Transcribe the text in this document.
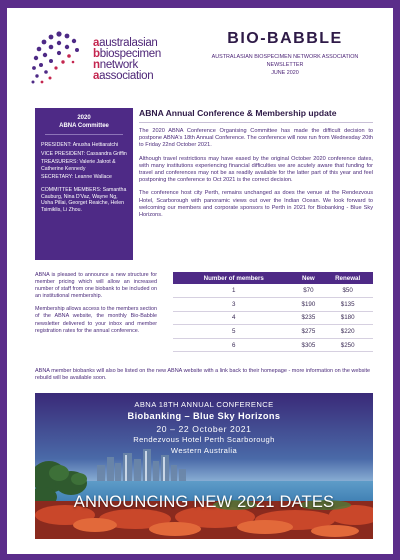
aaustralasian
bbiospecimen
nnetwork
aassociation
BIO-BABBLE
AUSTRALASIAN BIOSPECIMEN NETWORK ASSOCIATION
NEWSLETTER
JUNE 2020
2020
ABNA Committee

PRESIDENT: Anusha Hettiaratchi

VICE PRESIDENT: Cassandra Griffin

TREASURERS: Valerie Jakrot & Catherine Kennedy

SECRETARY: Leanne Wallace

COMMITTEE MEMBERS: Samantha Cauburg, Nina D'Vaz, Wayne Ng, Usha Pillai, Georget Reaiche, Helen Tsimiklis, Li Zhou.

ABNA Annual Conference & Membership update

The 2020 ABNA Conference Organising Committee has made the difficult decision to postpone ABNA's 18th Annual Conference. The conference will now run from Wednesday 20th to Friday 22nd October 2021.

Although travel restrictions may have eased by the original October 2020 conference dates, with many institutions experiencing financial difficulties we are acutely aware that funding for travel and conferences may not be as readily available for the latter part of this year and feel postponing the conference to Oct 2021 is the correct decision.

The conference host city Perth, remains unchanged as does the venue at the Rendezvous Hotel, Scarborough with panoramic views out over the Indian Ocean. We look forward to welcoming our members and corporate sponsors to Perth in 2021 for Biobanking - Blue Sky Horizons.

ABNA is pleased to announce a new structure for member pricing which will allow an increased number of staff from one biobank to be included on an institutional membership.

Membership allows access to the members section of the ABNA website, the monthly Bio-Babble newsletter delivered to your inbox and member registration rates for the annual conference.

Number of members	New	Renewal
1	$70	$50
3	$190	$135
4	$235	$180
5	$275	$220
6	$305	$250
ABNA member biobanks will also be listed on the new ABNA website with a link back to their homepage - more information on the website rebuild will be available soon.
ABNA 18TH ANNUAL CONFERENCE
Biobanking – Blue Sky Horizons
20 – 22 October 2021
Rendezvous Hotel Perth Scarborough
Western Australia
ANNOUNCING NEW 2021 DATES
